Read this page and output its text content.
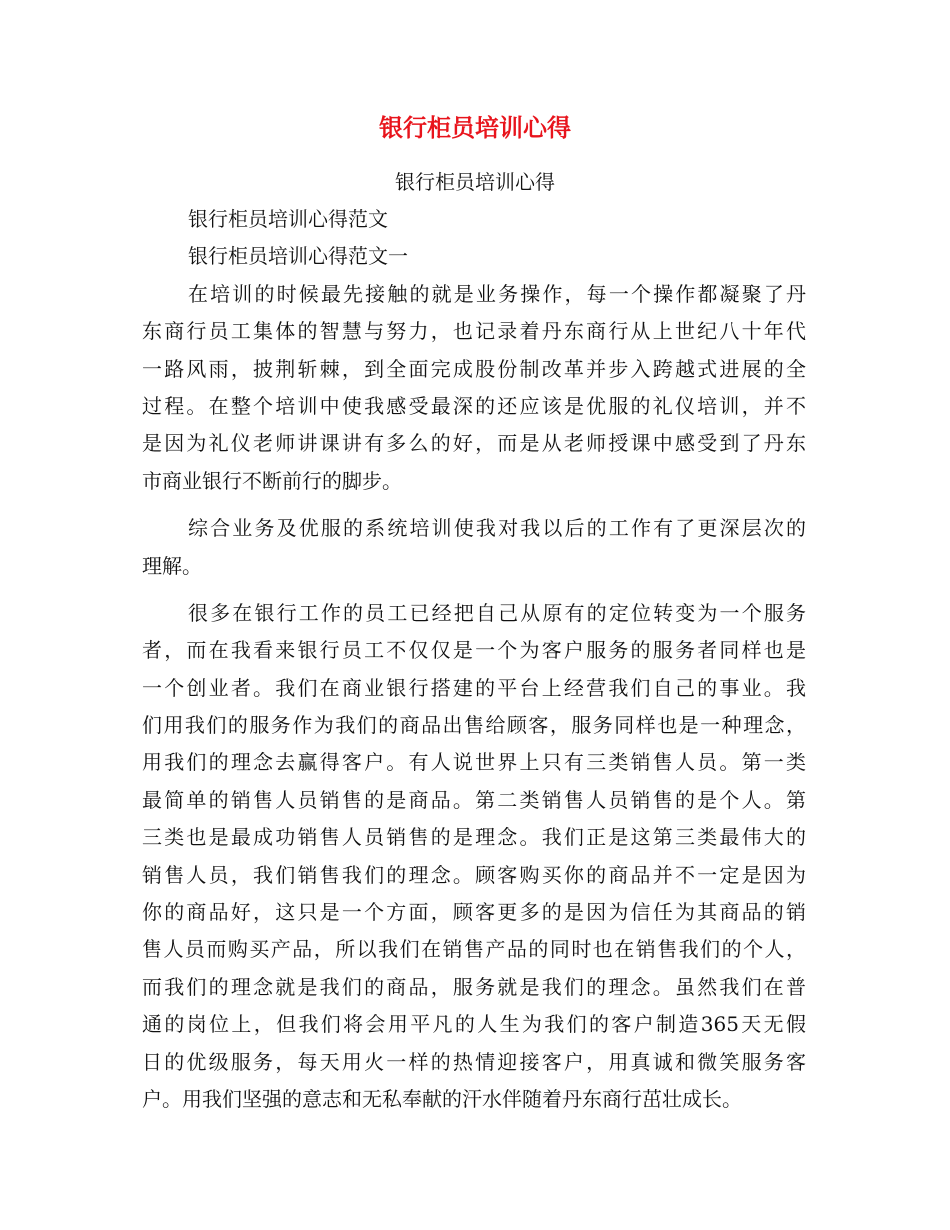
银行柜员培训心得
银行柜员培训心得
银行柜员培训心得范文
银行柜员培训心得范文一
在培训的时候最先接触的就是业务操作，每一个操作都凝聚了丹
东商行员工集体的智慧与努力，也记录着丹东商行从上世纪八十年代
一路风雨，披荆斩棘，到全面完成股份制改革并步入跨越式进展的全
过程。在整个培训中使我感受最深的还应该是优服的礼仪培训，并不
是因为礼仪老师讲课讲有多么的好，而是从老师授课中感受到了丹东
市商业银行不断前行的脚步。
综合业务及优服的系统培训使我对我以后的工作有了更深层次的
理解。
很多在银行工作的员工已经把自己从原有的定位转变为一个服务
者，而在我看来银行员工不仅仅是一个为客户服务的服务者同样也是
一个创业者。我们在商业银行搭建的平台上经营我们自己的事业。我
们用我们的服务作为我们的商品出售给顾客，服务同样也是一种理念，
用我们的理念去赢得客户。有人说世界上只有三类销售人员。第一类
最简单的销售人员销售的是商品。第二类销售人员销售的是个人。第
三类也是最成功销售人员销售的是理念。我们正是这第三类最伟大的
销售人员，我们销售我们的理念。顾客购买你的商品并不一定是因为
你的商品好，这只是一个方面，顾客更多的是因为信任为其商品的销
售人员而购买产品，所以我们在销售产品的同时也在销售我们的个人，
而我们的理念就是我们的商品，服务就是我们的理念。虽然我们在普
通的岗位上，但我们将会用平凡的人生为我们的客户制造365天无假
日的优级服务，每天用火一样的热情迎接客户，用真诚和微笑服务客
户。用我们坚强的意志和无私奉献的汗水伴随着丹东商行茁壮成长。
